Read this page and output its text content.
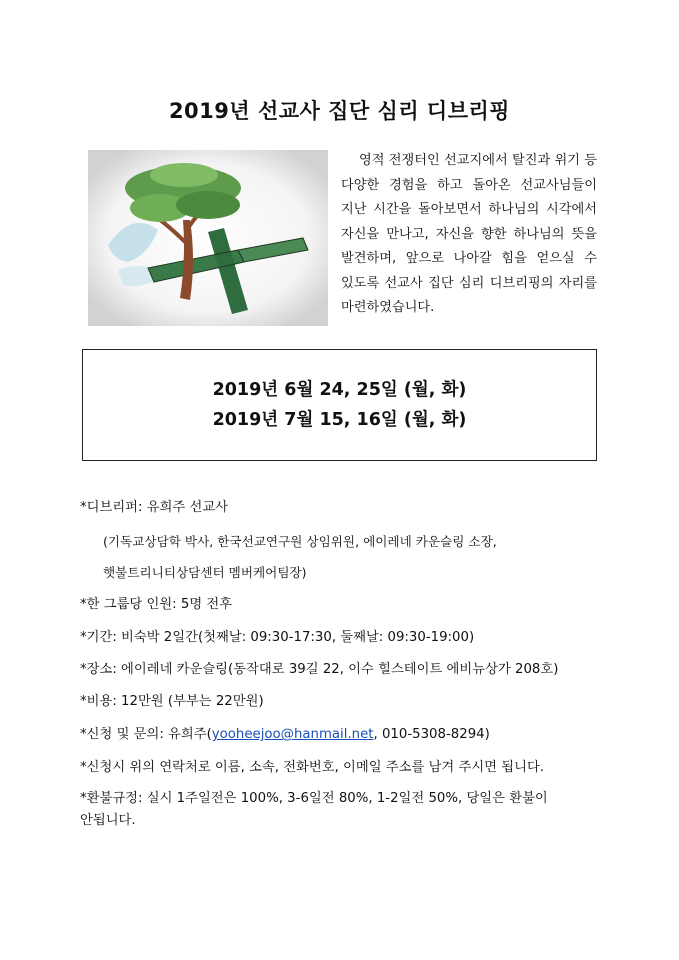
2019년 선교사 집단 심리 디브리핑

영적 전쟁터인 선교지에서 탈진과 위기 등 다양한 경험을 하고 돌아온 선교사님들이 지난 시간을 돌아보면서 하나님의 시각에서 자신을 만나고, 자신을 향한 하나님의 뜻을 발견하며, 앞으로 나아갈 힘을 얻으실 수 있도록 선교사 집단 심리 디브리핑의 자리를 마련하였습니다.

2019년 6월 24, 25일 (월, 화)
2019년 7월 15, 16일 (월, 화)
*디브리퍼: 유희주 선교사
(기독교상담학 박사, 한국선교연구원 상임위원, 에이레네 카운슬링 소장,
햇불트리니티상담센터 멤버케어팀장)
*한 그룹당 인원: 5명 전후
*기간: 비숙박 2일간(첫째날: 09:30-17:30, 둘째날: 09:30-19:00)
*장소: 에이레네 카운슬링(동작대로 39길 22, 이수 힐스테이트 에비뉴상가 208호)
*비용: 12만원 (부부는 22만원)
*신청 및 문의: 유희주(yooheejoo@hanmail.net, 010-5308-8294)
*신청시 위의 연락처로 이름, 소속, 전화번호, 이메일 주소를 남겨 주시면 됩니다.
*환불규정: 실시 1주일전은 100%, 3-6일전 80%, 1-2일전 50%, 당일은 환불이 안됩니다.
